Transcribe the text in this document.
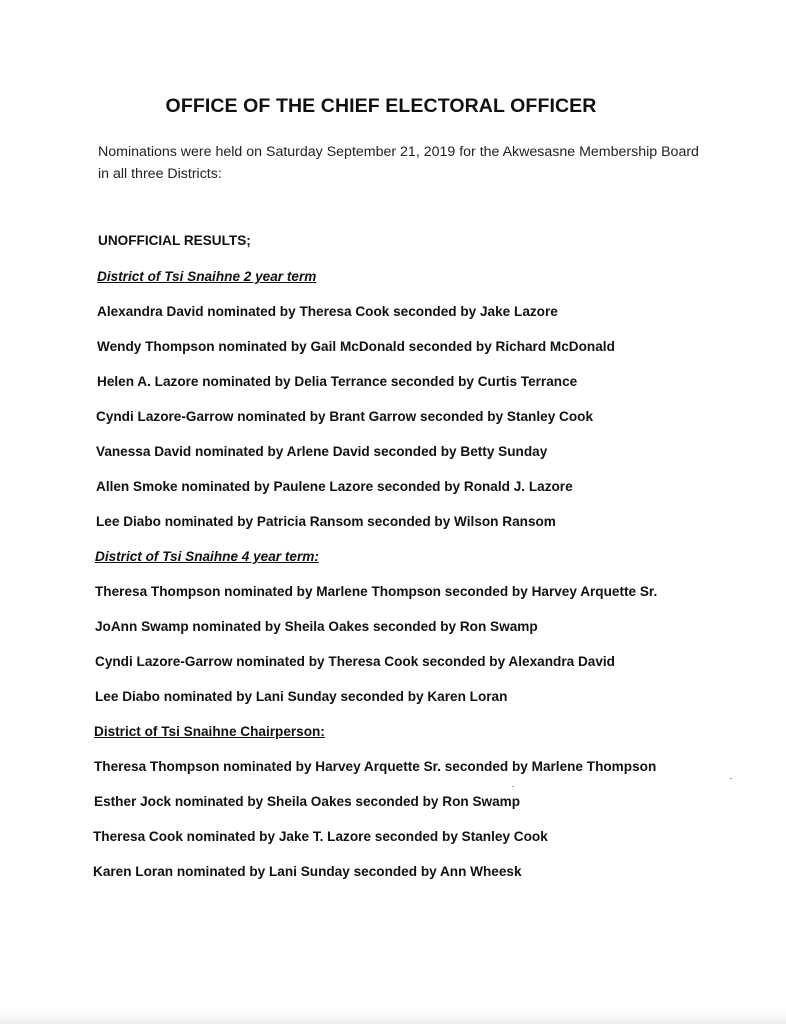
OFFICE OF THE CHIEF ELECTORAL OFFICER
Nominations were held on Saturday September 21, 2019 for the Akwesasne Membership Board
in all three Districts:
UNOFFICIAL RESULTS;
District of Tsi Snaihne 2 year term
Alexandra David nominated by Theresa Cook seconded by Jake Lazore
Wendy Thompson nominated by Gail McDonald seconded by Richard McDonald
Helen A. Lazore nominated by Delia Terrance seconded by Curtis Terrance
Cyndi Lazore-Garrow nominated by Brant Garrow seconded by Stanley Cook
Vanessa David nominated by Arlene David seconded by Betty Sunday
Allen Smoke nominated by Paulene Lazore seconded by Ronald J. Lazore
Lee Diabo nominated by Patricia Ransom seconded by Wilson Ransom
District of Tsi Snaihne 4 year term:
Theresa Thompson nominated by Marlene Thompson seconded by Harvey Arquette Sr.
JoAnn Swamp nominated by Sheila Oakes seconded by Ron Swamp
Cyndi Lazore-Garrow nominated by Theresa Cook seconded by Alexandra David
Lee Diabo nominated by Lani Sunday seconded by Karen Loran
District of Tsi Snaihne Chairperson:
Theresa Thompson nominated by Harvey Arquette Sr. seconded by Marlene Thompson
Esther Jock nominated by Sheila Oakes seconded by Ron Swamp
Theresa Cook nominated by Jake T. Lazore seconded by Stanley Cook
Karen Loran nominated by Lani Sunday seconded by Ann Wheesk
